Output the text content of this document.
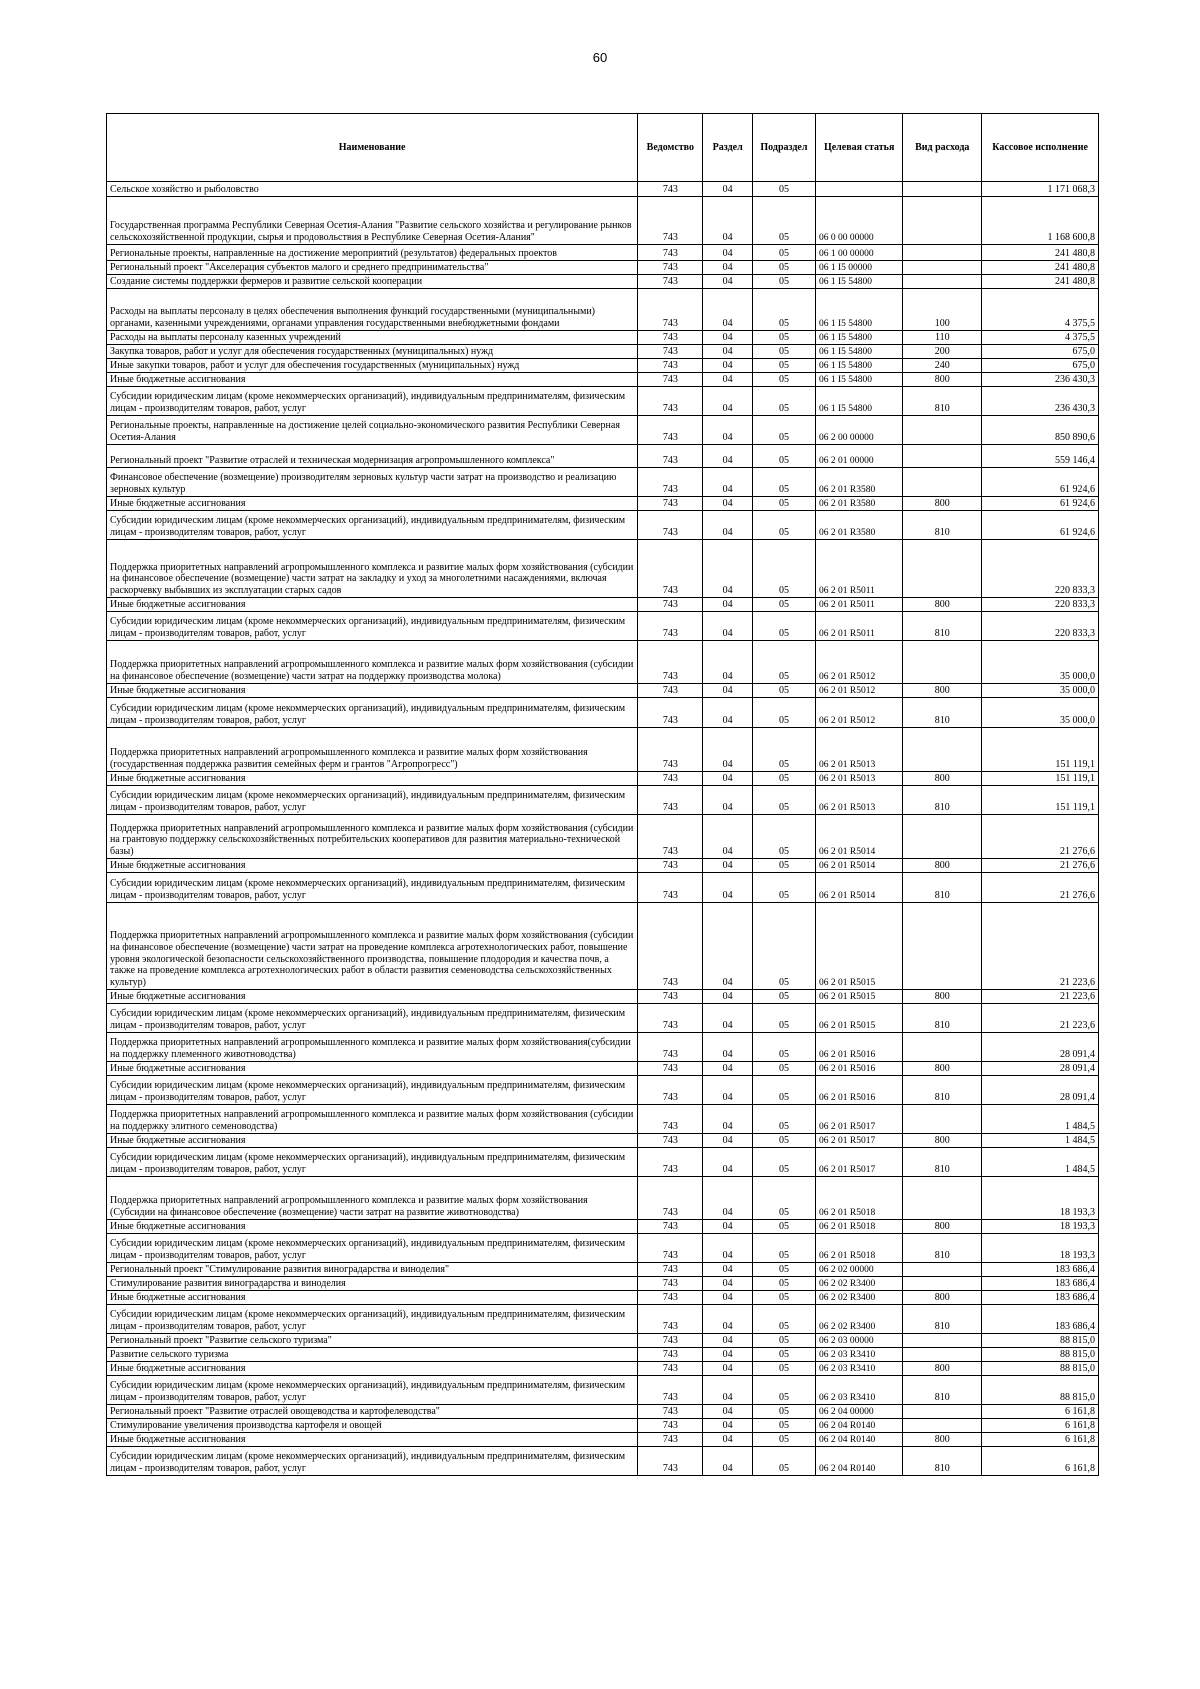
60
Наименование	Ведомство	Раздел	Подраздел	Целевая статья	Вид расхода	Кассовое исполнение
Сельское хозяйство и рыболовство	743	04	05			1 171 068,3
Государственная программа Республики Северная Осетия-Алания "Развитие сельского хозяйства и регулирование рынков сельскохозяйственной продукции, сырья и продовольствия в Республике Северная Осетия-Алания"	743	04	05	06 0 00 00000		1 168 600,8
Региональные проекты, направленные на достижение мероприятий (результатов) федеральных проектов	743	04	05	06 1 00 00000		241 480,8
Региональный проект "Акселерация субъектов малого и среднего предпринимательства"	743	04	05	06 1 I5 00000		241 480,8
Создание системы поддержки фермеров и развитие сельской кооперации	743	04	05	06 1 I5 54800		241 480,8
Расходы на выплаты персоналу в целях обеспечения выполнения функций государственными (муниципальными) органами, казенными учреждениями, органами управления государственными внебюджетными фондами	743	04	05	06 1 I5 54800	100	4 375,5
Расходы на выплаты персоналу казенных учреждений	743	04	05	06 1 I5 54800	110	4 375,5
Закупка товаров, работ и услуг для обеспечения государственных (муниципальных) нужд	743	04	05	06 1 I5 54800	200	675,0
Иные закупки товаров, работ и услуг для обеспечения государственных (муниципальных) нужд	743	04	05	06 1 I5 54800	240	675,0
Иные бюджетные ассигнования	743	04	05	06 1 I5 54800	800	236 430,3
Субсидии юридическим лицам (кроме некоммерческих организаций), индивидуальным предпринимателям, физическим лицам - производителям товаров, работ, услуг	743	04	05	06 1 I5 54800	810	236 430,3
Региональные проекты, направленные на достижение целей социально-экономического развития Республики Северная Осетия-Алания	743	04	05	06 2 00 00000		850 890,6
Региональный проект "Развитие отраслей и техническая модернизация агропромышленного комплекса"	743	04	05	06 2 01 00000		559 146,4
Финансовое обеспечение (возмещение) производителям зерновых культур части затрат на производство и реализацию зерновых культур	743	04	05	06 2 01 R3580		61 924,6
Иные бюджетные ассигнования	743	04	05	06 2 01 R3580	800	61 924,6
Субсидии юридическим лицам (кроме некоммерческих организаций), индивидуальным предпринимателям, физическим лицам - производителям товаров, работ, услуг	743	04	05	06 2 01 R3580	810	61 924,6
Поддержка приоритетных направлений агропромышленного комплекса и развитие малых форм хозяйствования (субсидии на финансовое обеспечение (возмещение) части затрат на закладку и уход за многолетними насаждениями, включая раскорчевку выбывших из эксплуатации старых садов	743	04	05	06 2 01 R5011		220 833,3
Иные бюджетные ассигнования	743	04	05	06 2 01 R5011	800	220 833,3
Субсидии юридическим лицам (кроме некоммерческих организаций), индивидуальным предпринимателям, физическим лицам - производителям товаров, работ, услуг	743	04	05	06 2 01 R5011	810	220 833,3
Поддержка приоритетных направлений агропромышленного комплекса и развитие малых форм хозяйствования (субсидии на финансовое обеспечение (возмещение) части затрат на поддержку производства молока)	743	04	05	06 2 01 R5012		35 000,0
Иные бюджетные ассигнования	743	04	05	06 2 01 R5012	800	35 000,0
Субсидии юридическим лицам (кроме некоммерческих организаций), индивидуальным предпринимателям, физическим лицам - производителям товаров, работ, услуг	743	04	05	06 2 01 R5012	810	35 000,0
Поддержка приоритетных направлений агропромышленного комплекса и развитие малых форм хозяйствования (государственная поддержка развития семейных ферм и грантов "Агропрогресс")	743	04	05	06 2 01 R5013		151 119,1
Иные бюджетные ассигнования	743	04	05	06 2 01 R5013	800	151 119,1
Субсидии юридическим лицам (кроме некоммерческих организаций), индивидуальным предпринимателям, физическим лицам - производителям товаров, работ, услуг	743	04	05	06 2 01 R5013	810	151 119,1
Поддержка приоритетных направлений агропромышленного комплекса и развитие малых форм хозяйствования (субсидии на грантовую поддержку сельскохозяйственных потребительских кооперативов для развития материально-технической базы)	743	04	05	06 2 01 R5014		21 276,6
Иные бюджетные ассигнования	743	04	05	06 2 01 R5014	800	21 276,6
Субсидии юридическим лицам (кроме некоммерческих организаций), индивидуальным предпринимателям, физическим лицам - производителям товаров, работ, услуг	743	04	05	06 2 01 R5014	810	21 276,6
Поддержка приоритетных направлений агропромышленного комплекса и развитие малых форм хозяйствования (субсидии на финансовое обеспечение (возмещение) части затрат на проведение комплекса агротехнологических работ, повышение уровня экологической безопасности сельскохозяйственного производства, повышение плодородия и качества почв, а также на проведение комплекса агротехнологических работ в области развития семеноводства сельскохозяйственных культур)	743	04	05	06 2 01 R5015		21 223,6
Иные бюджетные ассигнования	743	04	05	06 2 01 R5015	800	21 223,6
Субсидии юридическим лицам (кроме некоммерческих организаций), индивидуальным предпринимателям, физическим лицам - производителям товаров, работ, услуг	743	04	05	06 2 01 R5015	810	21 223,6
Поддержка приоритетных направлений агропромышленного комплекса и развитие малых форм хозяйствования(субсидии на поддержку племенного животноводства)	743	04	05	06 2 01 R5016		28 091,4
Иные бюджетные ассигнования	743	04	05	06 2 01 R5016	800	28 091,4
Субсидии юридическим лицам (кроме некоммерческих организаций), индивидуальным предпринимателям, физическим лицам - производителям товаров, работ, услуг	743	04	05	06 2 01 R5016	810	28 091,4
Поддержка приоритетных направлений агропромышленного комплекса и развитие малых форм хозяйствования (субсидии на поддержку элитного семеноводства)	743	04	05	06 2 01 R5017		1 484,5
Иные бюджетные ассигнования	743	04	05	06 2 01 R5017	800	1 484,5
Субсидии юридическим лицам (кроме некоммерческих организаций), индивидуальным предпринимателям, физическим лицам - производителям товаров, работ, услуг	743	04	05	06 2 01 R5017	810	1 484,5
Поддержка приоритетных направлений агропромышленного комплекса и развитие малых форм хозяйствования (Субсидии на финансовое обеспечение (возмещение) части затрат на развитие животноводства)	743	04	05	06 2 01 R5018		18 193,3
Иные бюджетные ассигнования	743	04	05	06 2 01 R5018	800	18 193,3
Субсидии юридическим лицам (кроме некоммерческих организаций), индивидуальным предпринимателям, физическим лицам - производителям товаров, работ, услуг	743	04	05	06 2 01 R5018	810	18 193,3
Региональный проект "Стимулирование развития виноградарства и виноделия"	743	04	05	06 2 02 00000		183 686,4
Стимулирование развития виноградарства и виноделия	743	04	05	06 2 02 R3400		183 686,4
Иные бюджетные ассигнования	743	04	05	06 2 02 R3400	800	183 686,4
Субсидии юридическим лицам (кроме некоммерческих организаций), индивидуальным предпринимателям, физическим лицам - производителям товаров, работ, услуг	743	04	05	06 2 02 R3400	810	183 686,4
Региональный проект "Развитие сельского туризма"	743	04	05	06 2 03 00000		88 815,0
Развитие сельского туризма	743	04	05	06 2 03 R3410		88 815,0
Иные бюджетные ассигнования	743	04	05	06 2 03 R3410	800	88 815,0
Субсидии юридическим лицам (кроме некоммерческих организаций), индивидуальным предпринимателям, физическим лицам - производителям товаров, работ, услуг	743	04	05	06 2 03 R3410	810	88 815,0
Региональный проект "Развитие отраслей овощеводства и картофелеводства"	743	04	05	06 2 04 00000		6 161,8
Стимулирование увеличения производства картофеля и овощей	743	04	05	06 2 04 R0140		6 161,8
Иные бюджетные ассигнования	743	04	05	06 2 04 R0140	800	6 161,8
Субсидии юридическим лицам (кроме некоммерческих организаций), индивидуальным предпринимателям, физическим лицам - производителям товаров, работ, услуг	743	04	05	06 2 04 R0140	810	6 161,8
